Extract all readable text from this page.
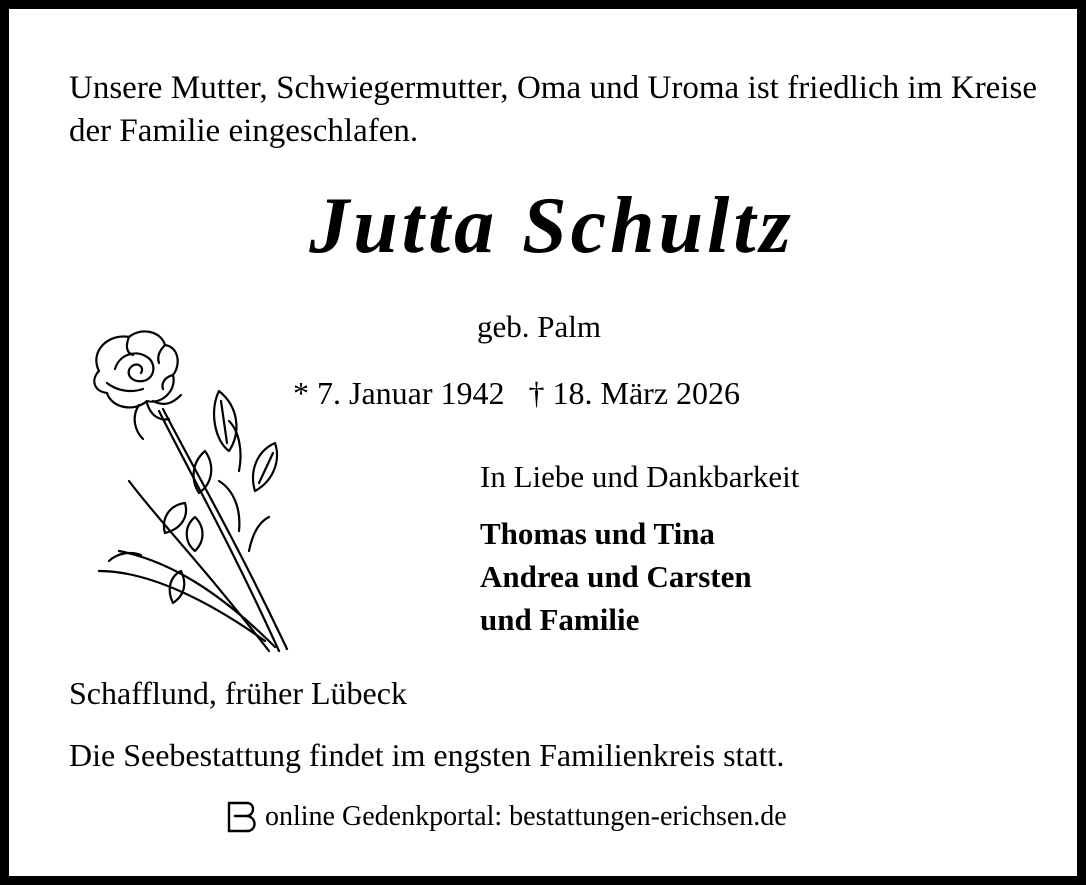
Unsere Mutter, Schwiegermutter, Oma und Uroma ist friedlich im Kreise der Familie eingeschlafen.
Jutta Schultz
geb. Palm
* 7. Januar 1942 † 18. März 2026
In Liebe und Dankbarkeit
Thomas und Tina
Andrea und Carsten
und Familie
Schafflund, früher Lübeck
Die Seebestattung findet im engsten Familienkreis statt.
online Gedenkportal: bestattungen-erichsen.de
